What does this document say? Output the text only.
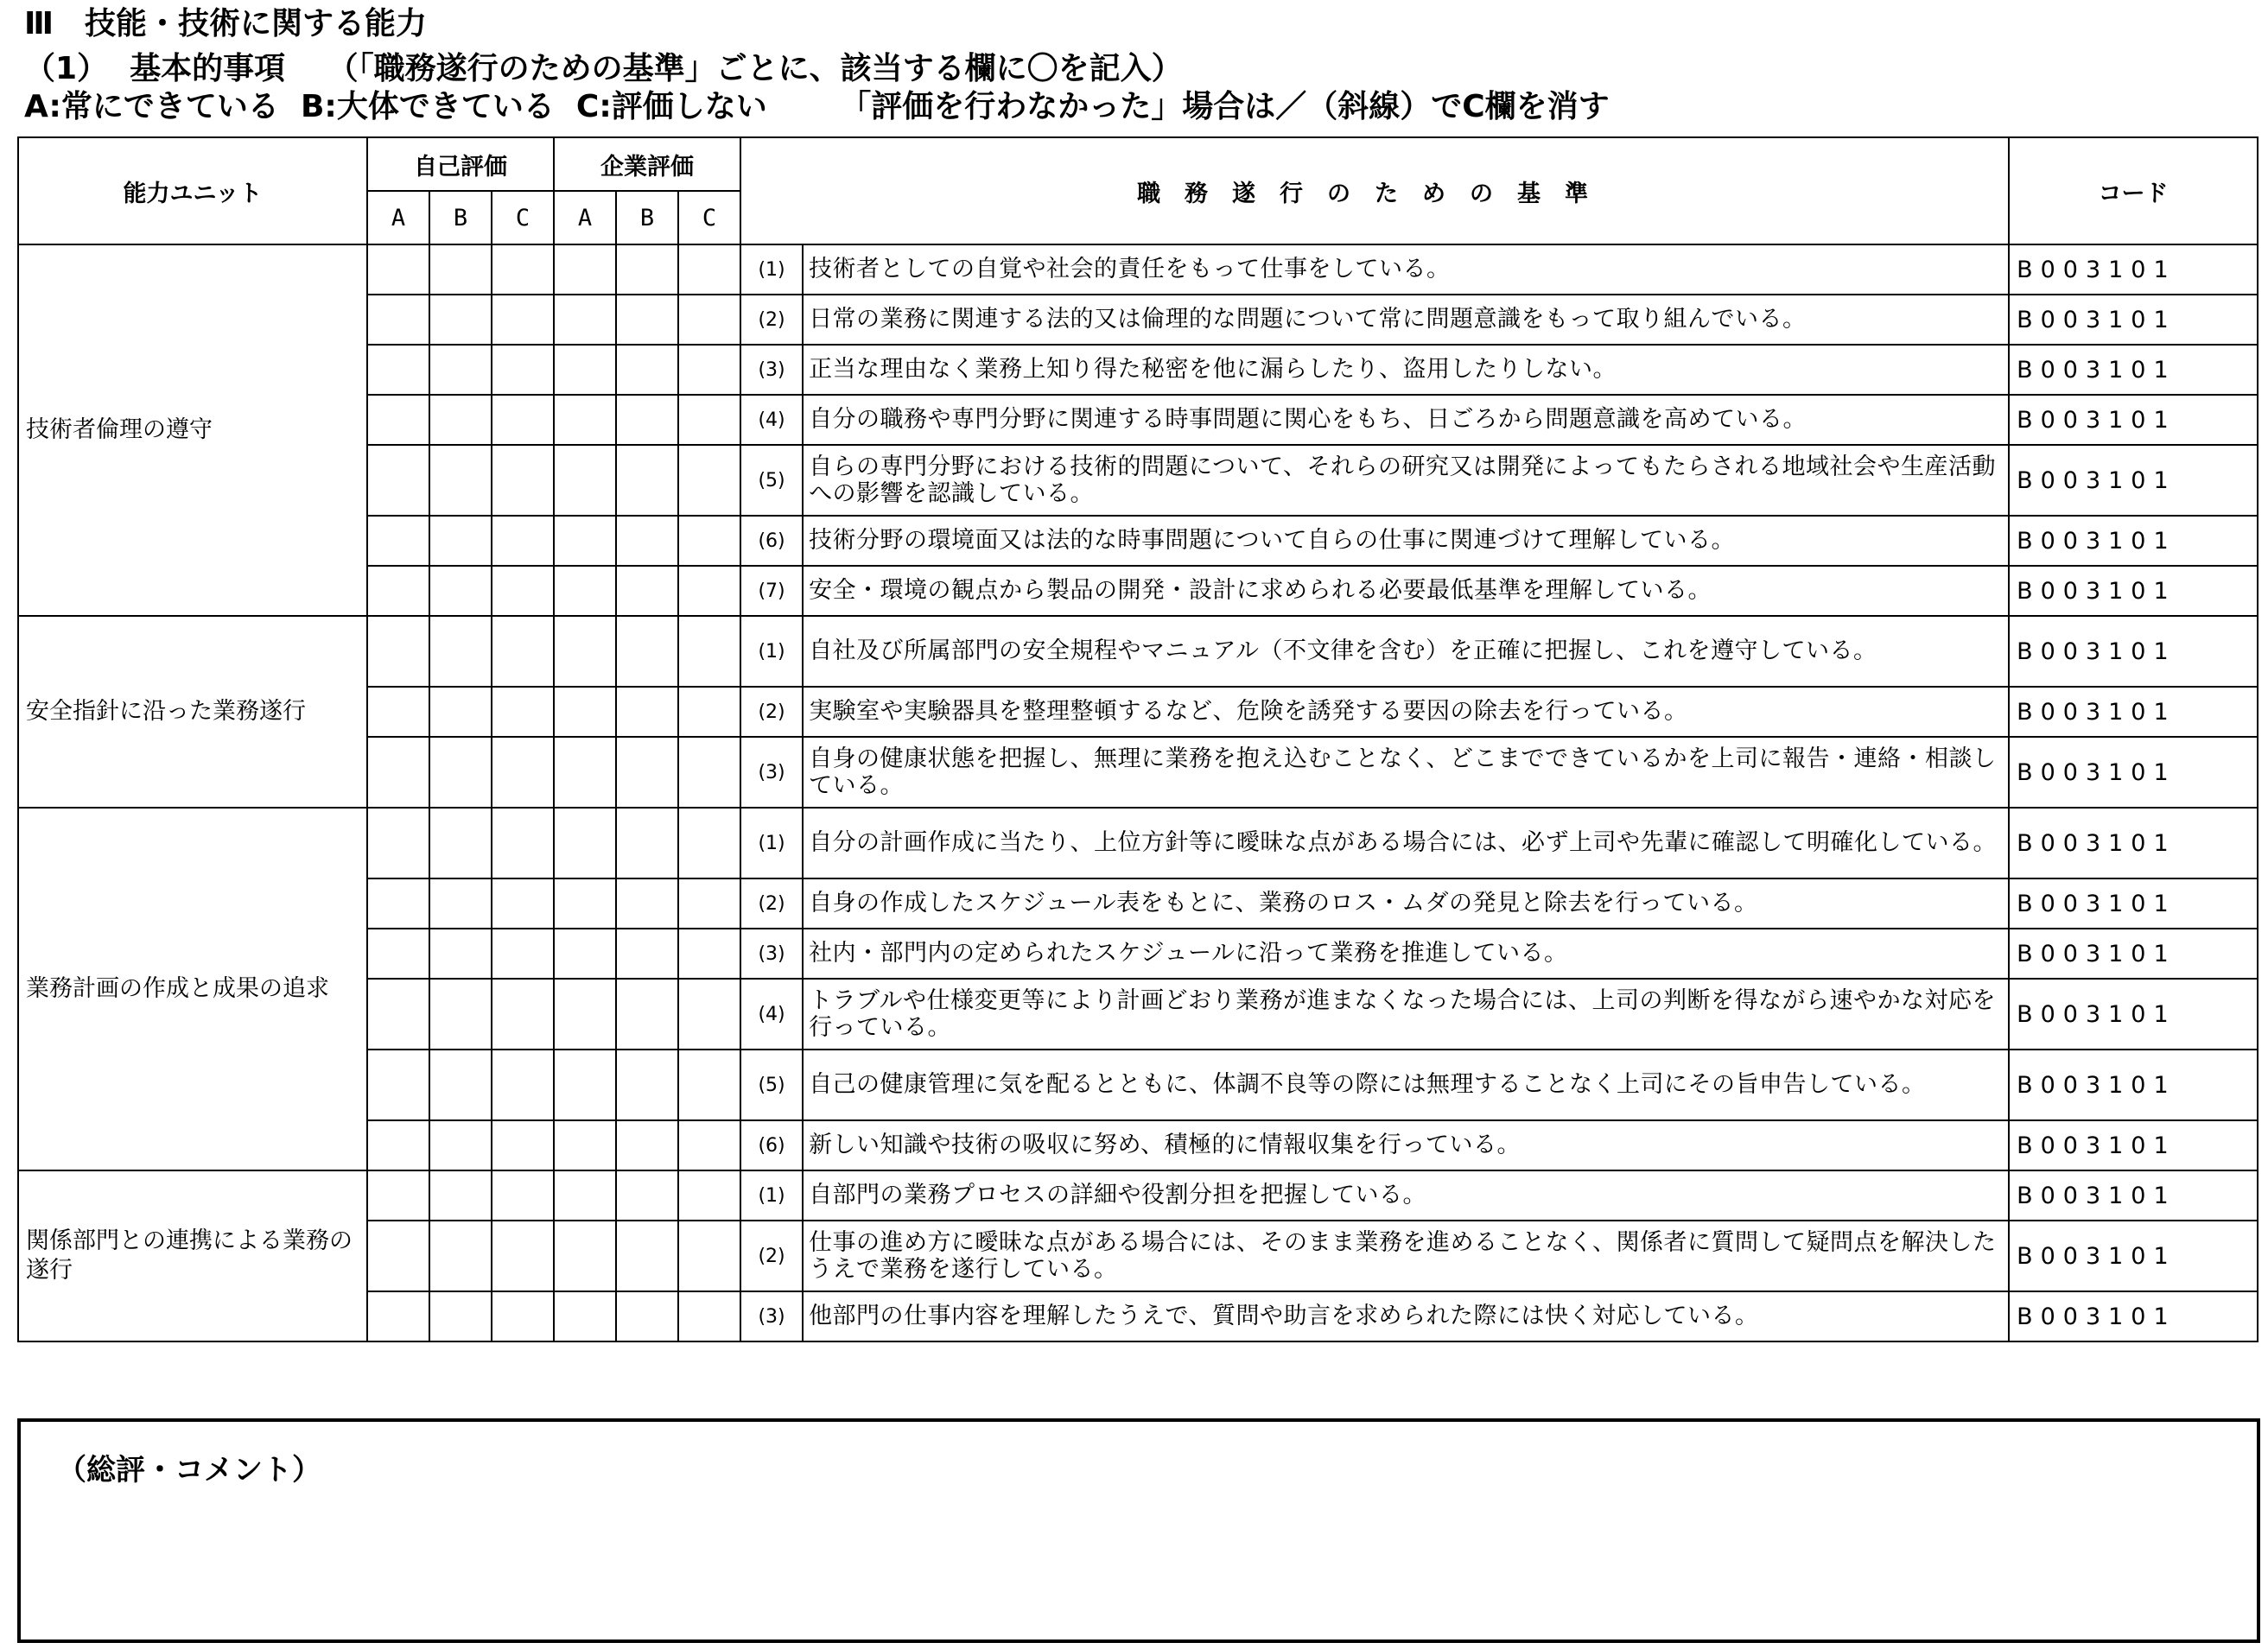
Ⅲ　技能・技術に関する能力
（1）  基本的事項　 （「職務遂行のための基準」ごとに、該当する欄に〇を記入）
A:常にできている  B:大体できている  C:評価しない　　 「評価を行わなかった」場合は／（斜線）でC欄を消す
能力ユニット	自己評価			企業評価			職務遂行のための基準		コード
	A	B	C	A	B	C			
技術者倫理の遵守							(1)	技術者としての自覚や社会的責任をもって仕事をしている。	B003101
							(2)	日常の業務に関連する法的又は倫理的な問題について常に問題意識をもって取り組んでいる。	B003101
							(3)	正当な理由なく業務上知り得た秘密を他に漏らしたり、盗用したりしない。	B003101
							(4)	自分の職務や専門分野に関連する時事問題に関心をもち、日ごろから問題意識を高めている。	B003101
							(5)	自らの専門分野における技術的問題について、それらの研究又は開発によってもたらされる地域社会や生産活動への影響を認識している。	B003101
							(6)	技術分野の環境面又は法的な時事問題について自らの仕事に関連づけて理解している。	B003101
							(7)	安全・環境の観点から製品の開発・設計に求められる必要最低基準を理解している。	B003101
安全指針に沿った業務遂行							(1)	自社及び所属部門の安全規程やマニュアル（不文律を含む）を正確に把握し、これを遵守している。	B003101
							(2)	実験室や実験器具を整理整頓するなど、危険を誘発する要因の除去を行っている。	B003101
							(3)	自身の健康状態を把握し、無理に業務を抱え込むことなく、どこまでできているかを上司に報告・連絡・相談している。	B003101
業務計画の作成と成果の追求							(1)	自分の計画作成に当たり、上位方針等に曖昧な点がある場合には、必ず上司や先輩に確認して明確化している。	B003101
							(2)	自身の作成したスケジュール表をもとに、業務のロス・ムダの発見と除去を行っている。	B003101
							(3)	社内・部門内の定められたスケジュールに沿って業務を推進している。	B003101
							(4)	トラブルや仕様変更等により計画どおり業務が進まなくなった場合には、上司の判断を得ながら速やかな対応を行っている。	B003101
							(5)	自己の健康管理に気を配るとともに、体調不良等の際には無理することなく上司にその旨申告している。	B003101
							(6)	新しい知識や技術の吸収に努め、積極的に情報収集を行っている。	B003101
関係部門との連携による業務の遂行							(1)	自部門の業務プロセスの詳細や役割分担を把握している。	B003101
							(2)	仕事の進め方に曖昧な点がある場合には、そのまま業務を進めることなく、関係者に質問して疑問点を解決したうえで業務を遂行している。	B003101
							(3)	他部門の仕事内容を理解したうえで、質問や助言を求められた際には快く対応している。	B003101
（総評・コメント）
